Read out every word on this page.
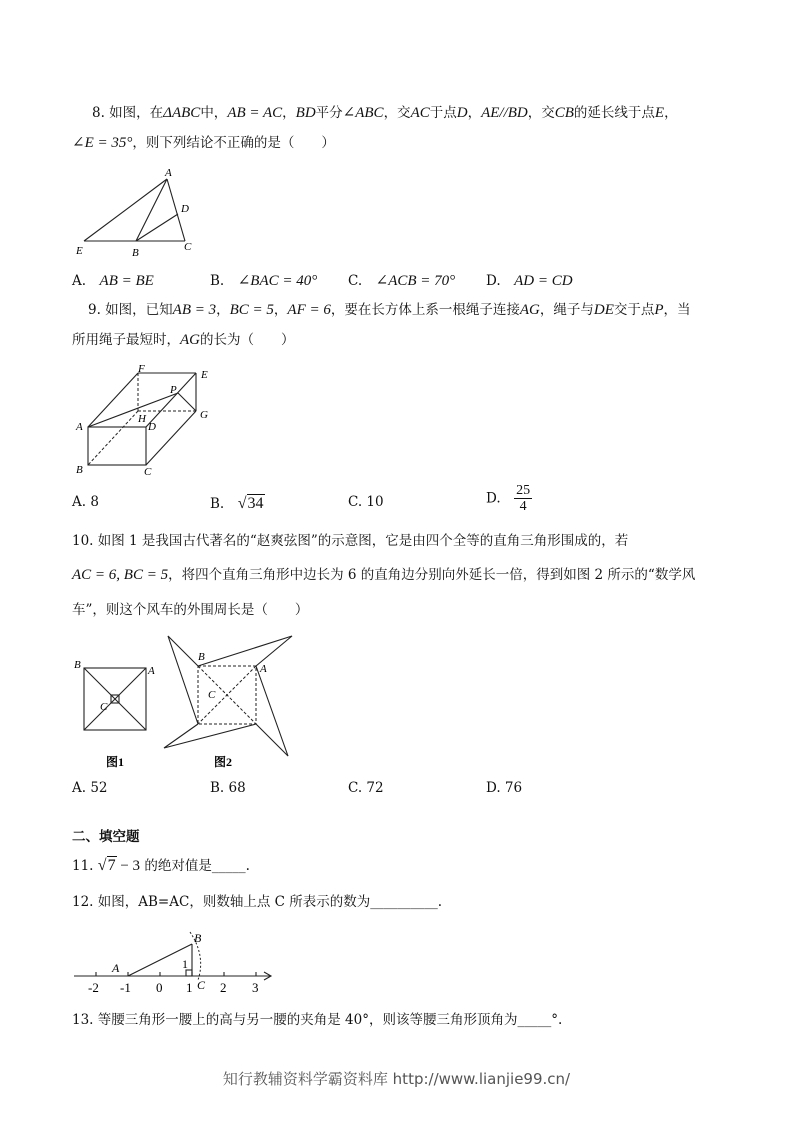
8. 如图，在ΔABC中，AB = AC，BD平分∠ABC，交AC于点D，AE//BD，交CB的延长线于点E，
∠E = 35°，则下列结论不正确的是（　　）
A
D
E	B	C
A.　 AB = BE	B.　 ∠BAC = 40° C.　 ∠ACB = 70° D.　 AD = CD
9. 如图，已知AB = 3，BC = 5，AF = 6，要在长方体上系一根绳子连接AG，绳子与DE交于点P，当
所用绳子最短时，AG的长为（　　）
F	E
P
A
H
D
G
B	C
A. 8	B.　 √34	C. 10	D.　 $\frac{25}{4}$
10. 如图 1 是我国古代著名的“赵爽弦图”的示意图，它是由四个全等的直角三角形围成的，若
AC = 6, BC = 5，将四个直角三角形中边长为 6 的直角边分别向外延长一倍，得到如图 2 所示的“数学风
车”，则这个风车的外围周长是（　　）
B	A
C
图1
B
A
C
图2
A. 52	B. 68	C. 72	D. 76
二、填空题
11. √7 − 3 的绝对值是_____.
12. 如图，AB=AC，则数轴上点 C 所表示的数为__________.
B
A	1
C
-2 -1 0 1 2 3
13. 等腰三角形一腰上的高与另一腰的夹角是 40°，则该等腰三角形顶角为_____°.
知行教辅资料学霸资料库 http://www.lianjie99.cn/
